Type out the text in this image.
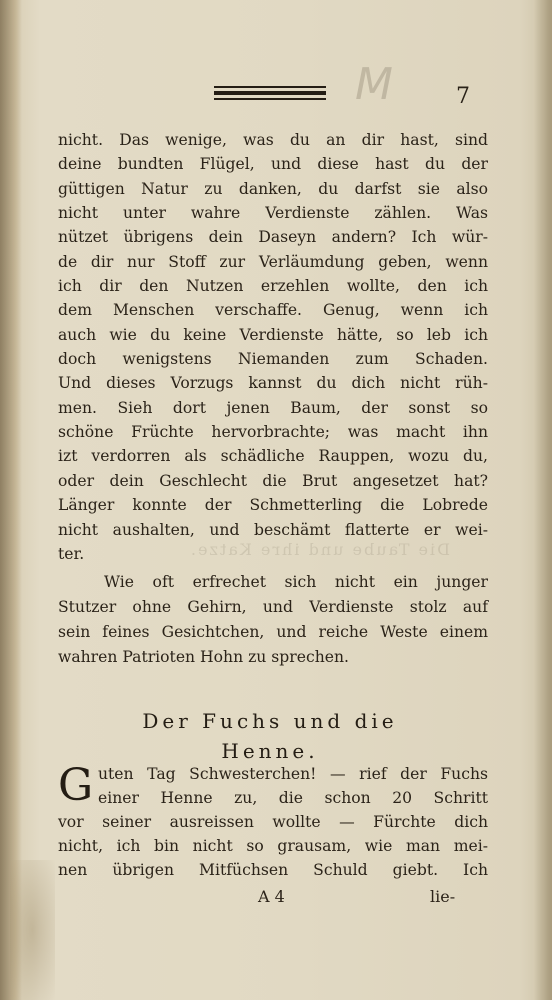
M	7
Die Taube und ihre Katze.
nicht. Das wenige, was du an dir hast, sind
deine bundten Flügel, und diese hast du der
güttigen Natur zu danken, du darfst sie also
nicht unter wahre Verdienste zählen. Was
nützet übrigens dein Daseyn andern? Ich wür-
de dir nur Stoff zur Verläumdung geben, wenn
ich dir den Nutzen erzehlen wollte, den ich
dem Menschen verschaffe. Genug, wenn ich
auch wie du keine Verdienste hätte, so leb ich
doch wenigstens Niemanden zum Schaden.
Und dieses Vorzugs kannst du dich nicht rüh-
men. Sieh dort jenen Baum, der sonst so
schöne Früchte hervorbrachte; was macht ihn
izt verdorren als schädliche Rauppen, wozu du,
oder dein Geschlecht die Brut angesetzet hat?
Länger konnte der Schmetterling die Lobrede
nicht aushalten, und beschämt flatterte er wei-
ter.
Wie oft erfrechet sich nicht ein junger
Stutzer ohne Gehirn, und Verdienste stolz auf
sein feines Gesichtchen, und reiche Weste einem
wahren Patrioten Hohn zu sprechen.
Der Fuchs und die Henne.
G uten Tag Schwesterchen! — rief der Fuchs
einer Henne zu, die schon 20 Schritt
vor seiner ausreissen wollte — Fürchte dich
nicht, ich bin nicht so grausam, wie man mei-
nen übrigen Mitfüchsen Schuld giebt. Ich
A 4	lie-
